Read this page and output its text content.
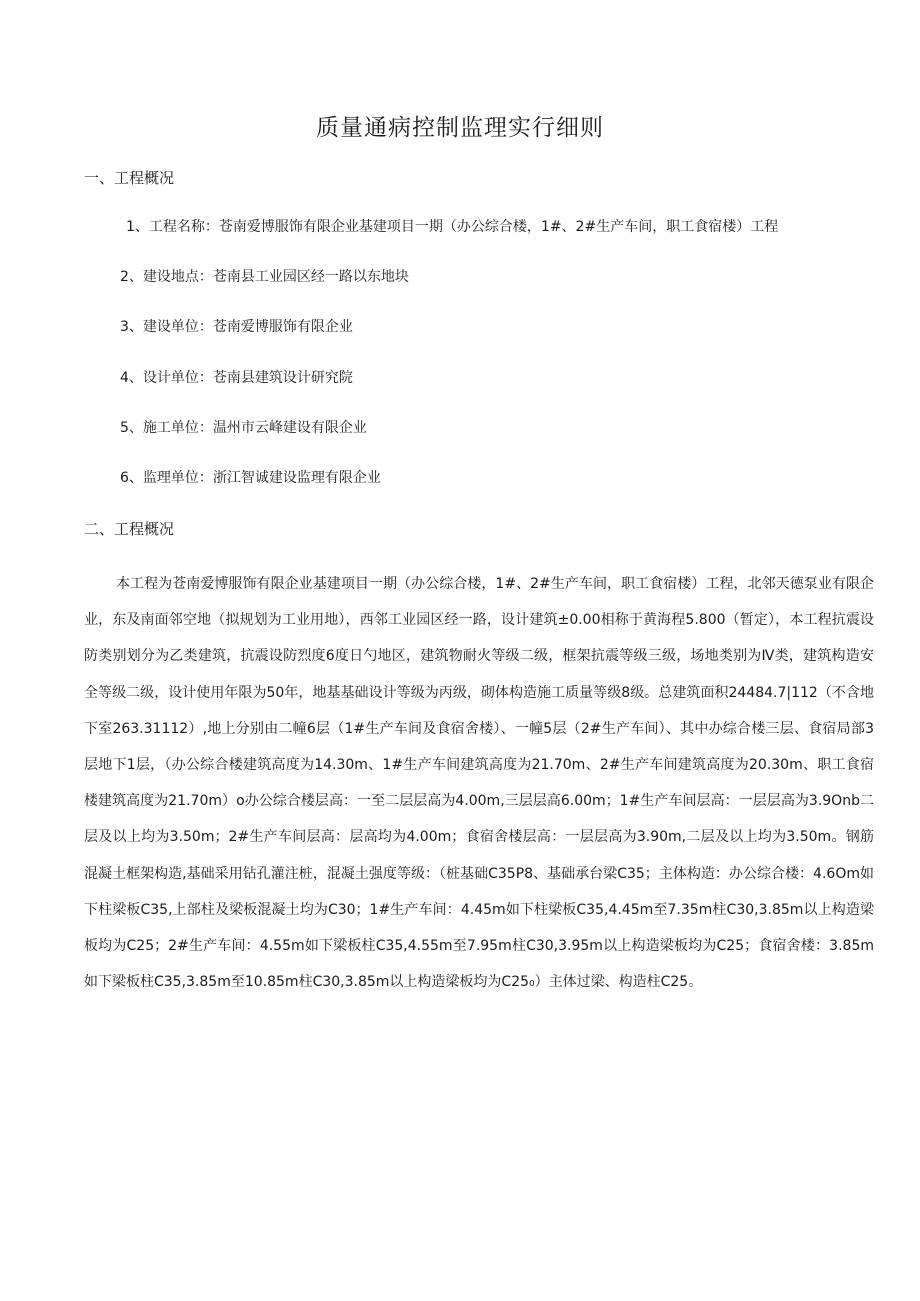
质量通病控制监理实行细则
一、工程概况
1、工程名称：苍南爱博服饰有限企业基建项目一期（办公综合楼，1#、2#生产车间，职工食宿楼）工程
2、建设地点：苍南县工业园区经一路以东地块
3、建设单位：苍南爱博服饰有限企业
4、设计单位：苍南县建筑设计研究院
5、施工单位：温州市云峰建设有限企业
6、监理单位：浙江智诚建设监理有限企业
二、工程概况
本工程为苍南爱博服饰有限企业基建项目一期（办公综合楼，1#、2#生产车间，职工食宿楼）工程，北邻天德泵业有限企业，东及南面邻空地（拟规划为工业用地），西邻工业园区经一路，设计建筑±0.00相称于黄海程5.800（暂定），本工程抗震设防类别划分为乙类建筑，抗震设防烈度6度日勺地区，建筑物耐火等级二级，框架抗震等级三级，场地类别为Ⅳ类，建筑构造安全等级二级，设计使用年限为50年，地基基础设计等级为丙级，砌体构造施工质量等级8级。总建筑面积24484.7|112（不含地下室263.31112）,地上分别由二幢6层（1#生产车间及食宿舍楼）、一幢5层（2#生产车间）、其中办综合楼三层、食宿局部3层地下1层，（办公综合楼建筑高度为14.30m、1#生产车间建筑高度为21.70m、2#生产车间建筑高度为20.30m、职工食宿楼建筑高度为21.70m）o办公综合楼层高：一至二层层高为4.00m,三层层高6.00m；1#生产车间层高：一层层高为3.9Onb二层及以上均为3.50m；2#生产车间层高：层高均为4.00m；食宿舍楼层高：一层层高为3.90m,二层及以上均为3.50m。钢筋混凝土框架构造,基础采用钻孔灌注桩，混凝土强度等级：（桩基础C35P8、基础承台梁C35；主体构造：办公综合楼：4.6Om如下柱梁板C35,上部柱及梁板混凝土均为C30；1#生产车间：4.45m如下柱梁板C35,4.45m至7.35m柱C30,3.85m以上构造梁板均为C25；2#生产车间：4.55m如下梁板柱C35,4.55m至7.95m柱C30,3.95m以上构造梁板均为C25；食宿舍楼：3.85m如下梁板柱C35,3.85m至10.85m柱C30,3.85m以上构造梁板均为C25₀）主体过梁、构造柱C25。
